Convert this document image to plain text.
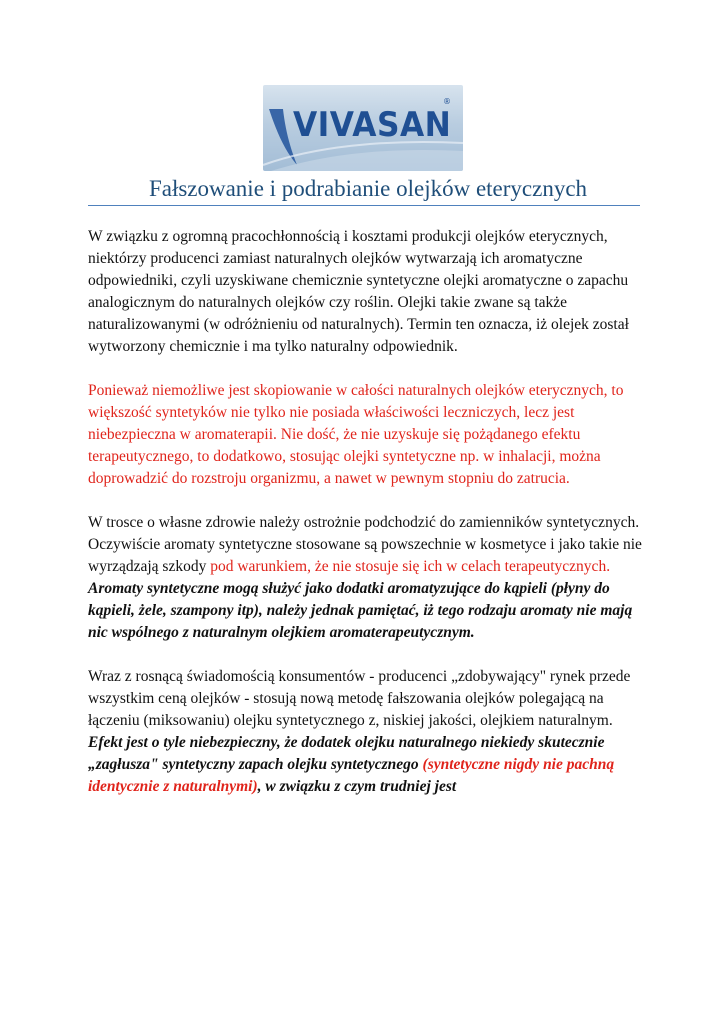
VIVASAN
®
Fałszowanie i podrabianie olejków eterycznych

W związku z ogromną pracochłonnością i kosztami produkcji olejków eterycznych, niektórzy producenci zamiast naturalnych olejków wytwarzają ich aromatyczne odpowiedniki, czyli uzyskiwane chemicznie syntetyczne olejki aromatyczne o zapachu analogicznym do naturalnych olejków czy roślin. Olejki takie zwane są także naturalizowanymi (w odróżnieniu od naturalnych). Termin ten oznacza, iż olejek został wytworzony chemicznie i ma tylko naturalny odpowiednik.

Ponieważ niemożliwe jest skopiowanie w całości naturalnych olejków eterycznych, to większość syntetyków nie tylko nie posiada właściwości leczniczych, lecz jest niebezpieczna w aromaterapii. Nie dość, że nie uzyskuje się pożądanego efektu terapeutycznego, to dodatkowo, stosując olejki syntetyczne np. w inhalacji, można doprowadzić do rozstroju organizmu, a nawet w pewnym stopniu do zatrucia.

W trosce o własne zdrowie należy ostrożnie podchodzić do zamienników syntetycznych. Oczywiście aromaty syntetyczne stosowane są powszechnie w kosmetyce i jako takie nie wyrządzają szkody pod warunkiem, że nie stosuje się ich w celach terapeutycznych.
Aromaty syntetyczne mogą służyć jako dodatki aromatyzujące do kąpieli (płyny do kąpieli, żele, szampony itp), należy jednak pamiętać, iż tego rodzaju aromaty nie mają nic wspólnego z naturalnym olejkiem aromaterapeutycznym.

Wraz z rosnącą świadomością konsumentów - producenci „zdobywający" rynek przede wszystkim ceną olejków - stosują nową metodę fałszowania olejków polegającą na łączeniu (miksowaniu) olejku syntetycznego z, niskiej jakości, olejkiem naturalnym. Efekt jest o tyle niebezpieczny, że dodatek olejku naturalnego niekiedy skutecznie „zagłusza" syntetyczny zapach olejku syntetycznego (syntetyczne nigdy nie pachną identycznie z naturalnymi), w związku z czym trudniej jest
